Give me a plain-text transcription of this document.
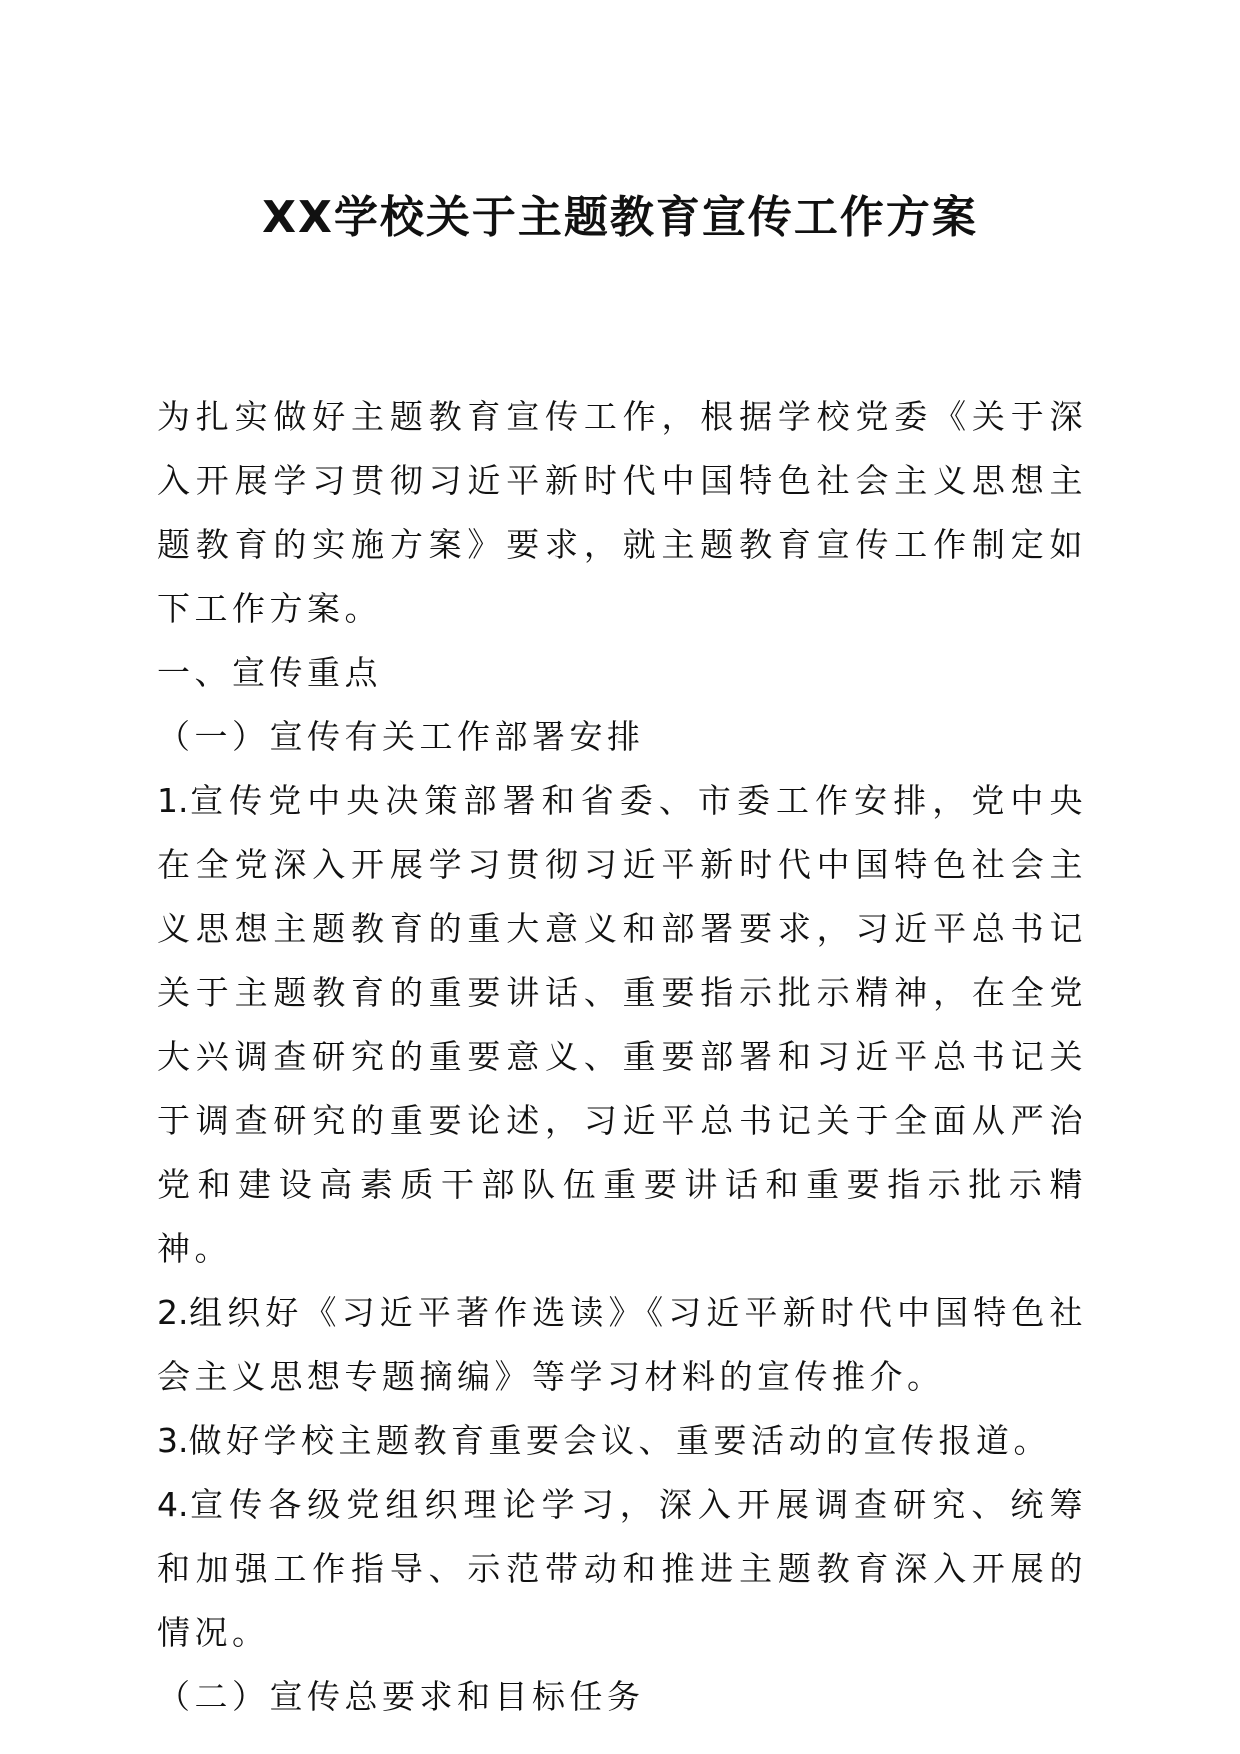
XX学校关于主题教育宣传工作方案

为扎实做好主题教育宣传工作，根据学校党委《关于深入开展学习贯彻习近平新时代中国特色社会主义思想主题教育的实施方案》要求，就主题教育宣传工作制定如下工作方案。

一、宣传重点

（一）宣传有关工作部署安排

1.宣传党中央决策部署和省委、市委工作安排，党中央在全党深入开展学习贯彻习近平新时代中国特色社会主义思想主题教育的重大意义和部署要求，习近平总书记关于主题教育的重要讲话、重要指示批示精神，在全党大兴调查研究的重要意义、重要部署和习近平总书记关于调查研究的重要论述，习近平总书记关于全面从严治党和建设高素质干部队伍重要讲话和重要指示批示精神。

2.组织好《习近平著作选读》《习近平新时代中国特色社会主义思想专题摘编》等学习材料的宣传推介。

3.做好学校主题教育重要会议、重要活动的宣传报道。

4.宣传各级党组织理论学习，深入开展调查研究、统筹和加强工作指导、示范带动和推进主题教育深入开展的情况。

（二）宣传总要求和目标任务
